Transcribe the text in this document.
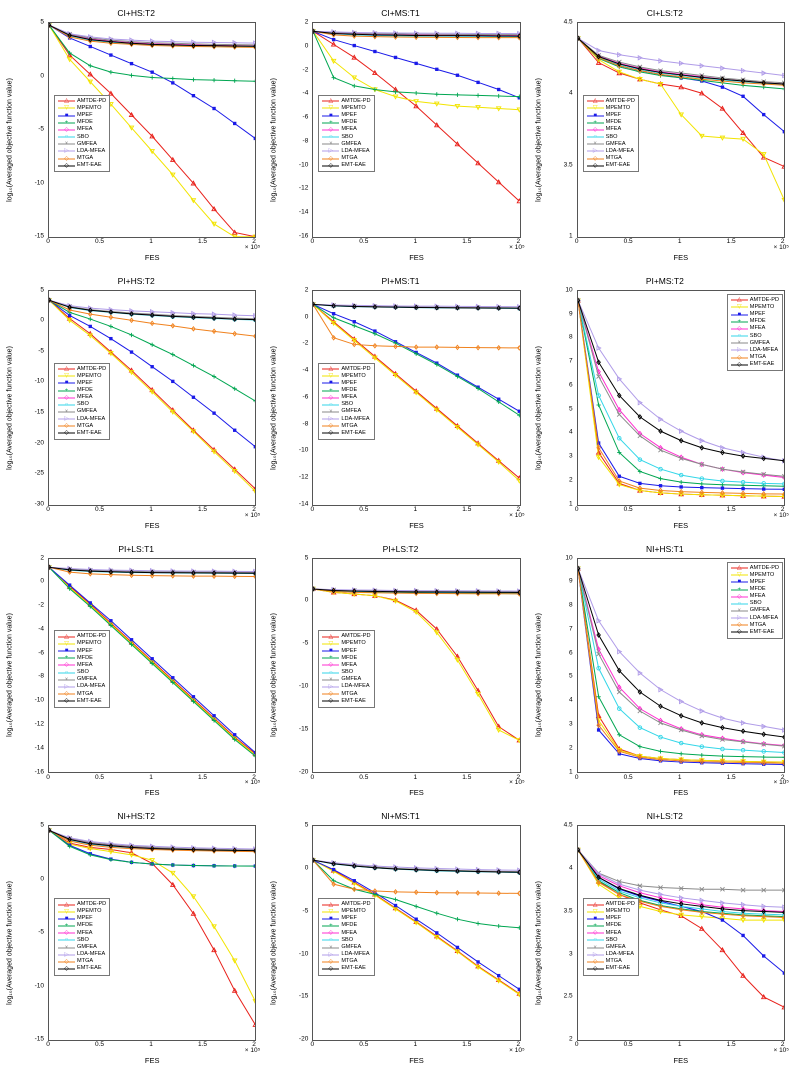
CI+HS:T2
log₁₀(Averaged objective function value)
FES
× 10⁵
0	0.5	1	1.5	2
5
0
-5
-10
-15
△ AMTDE-PD
▽ MPEMTO
■ MPEF
+ MFDE
◇ MFEA
○ SBO
× GMFEA
▷ LDA-MFEA
◇ MTGA
◇ EMT-EAE
CI+MS:T1
log₁₀(Averaged objective function value)
FES
× 10⁵
0	0.5	1	1.5	2
2
0
-2
-4
-6
-8
-10
-12
-14
-16
△ AMTDE-PD
▽ MPEMTO
■ MPEF
+ MFDE
◇ MFEA
○ SBO
× GMFEA
▷ LDA-MFEA
◇ MTGA
◇ EMT-EAE
CI+LS:T2
log₁₀(Averaged objective function value)
FES
× 10⁵
0	0.5	1	1.5	2
4.5
4
3.5
1
△ AMTDE-PD
▽ MPEMTO
■ MPEF
+ MFDE
◇ MFEA
○ SBO
× GMFEA
▷ LDA-MFEA
◇ MTGA
◇ EMT-EAE
PI+HS:T2
log₁₀(Averaged objective function value)
FES
× 10⁵
0	0.5	1	1.5	2
5
0
-5
-10
-15
-20
-25
-30
△ AMTDE-PD
▽ MPEMTO
■ MPEF
+ MFDE
◇ MFEA
○ SBO
× GMFEA
▷ LDA-MFEA
◇ MTGA
◇ EMT-EAE
PI+MS:T1
log₁₀(Averaged objective function value)
FES
× 10⁵
0	0.5	1	1.5	2
2
0
-2
-4
-6
-8
-10
-12
-14
△ AMTDE-PD
▽ MPEMTO
■ MPEF
+ MFDE
◇ MFEA
○ SBO
× GMFEA
▷ LDA-MFEA
◇ MTGA
◇ EMT-EAE
PI+MS:T2
log₁₀(Averaged objective function value)
FES
× 10⁵
0	0.5	1	1.5	2
10
9
8
7
6
5
4
3
2
1
△ AMTDE-PD
▽ MPEMTO
■ MPEF
+ MFDE
◇ MFEA
○ SBO
× GMFEA
▷ LDA-MFEA
◇ MTGA
◇ EMT-EAE
PI+LS:T1
log₁₀(Averaged objective function value)
FES
× 10⁵
0	0.5	1	1.5	2
2
0
-2
-4
-6
-8
-10
-12
-14
-16
△ AMTDE-PD
▽ MPEMTO
■ MPEF
+ MFDE
◇ MFEA
○ SBO
× GMFEA
▷ LDA-MFEA
◇ MTGA
◇ EMT-EAE
PI+LS:T2
log₁₀(Averaged objective function value)
FES
× 10⁵
0	0.5	1	1.5	2
5
0
-5
-10
-15
-20
△ AMTDE-PD
▽ MPEMTO
■ MPEF
+ MFDE
◇ MFEA
○ SBO
× GMFEA
▷ LDA-MFEA
◇ MTGA
◇ EMT-EAE
NI+HS:T1
log₁₀(Averaged objective function value)
FES
× 10⁵
0	0.5	1	1.5	2
10
9
8
7
6
5
4
3
2
1
△ AMTDE-PD
▽ MPEMTO
■ MPEF
+ MFDE
◇ MFEA
○ SBO
× GMFEA
▷ LDA-MFEA
◇ MTGA
◇ EMT-EAE
NI+HS:T2
log₁₀(Averaged objective function value)
FES
× 10⁵
0	0.5	1	1.5	2
5
0
-5
-10
-15
△ AMTDE-PD
▽ MPEMTO
■ MPEF
+ MFDE
◇ MFEA
○ SBO
× GMFEA
▷ LDA-MFEA
◇ MTGA
◇ EMT-EAE
NI+MS:T1
log₁₀(Averaged objective function value)
FES
× 10⁵
0	0.5	1	1.5	2
5
0
-5
-10
-15
-20
△ AMTDE-PD
▽ MPEMTO
■ MPEF
+ MFDE
◇ MFEA
○ SBO
× GMFEA
▷ LDA-MFEA
◇ MTGA
◇ EMT-EAE
NI+LS:T2
log₁₀(Averaged objective function value)
FES
× 10⁵
0	0.5	1	1.5	2
4.5
4
3.5
3
2.5
2
△ AMTDE-PD
▽ MPEMTO
■ MPEF
+ MFDE
◇ MFEA
○ SBO
× GMFEA
▷ LDA-MFEA
◇ MTGA
◇ EMT-EAE
